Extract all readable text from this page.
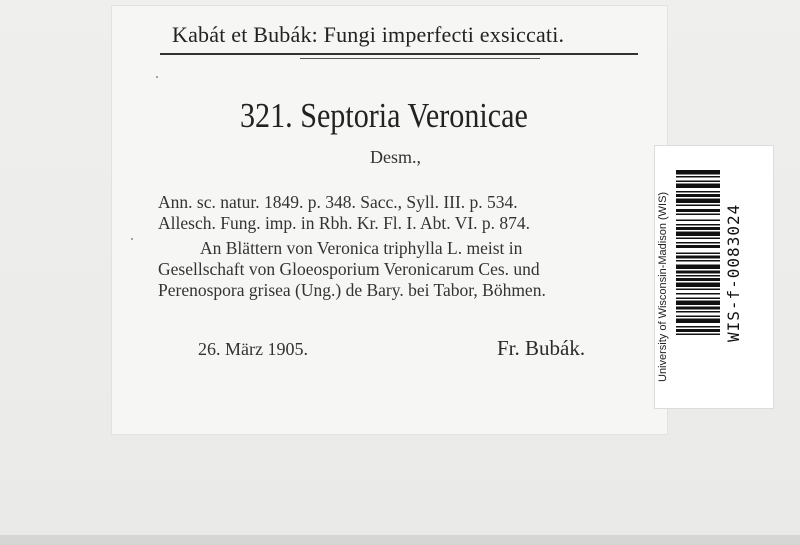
Kabát et Bubák: Fungi imperfecti exsiccati.
321. Septoria Veronicae
Desm.,
Ann. sc. natur. 1849. p. 348. Sacc., Syll. III. p. 534.
Allesch. Fung. imp. in Rbh. Kr. Fl. I. Abt. VI. p. 874.
An Blättern von Veronica triphylla L. meist in
Gesellschaft von Gloeosporium Veronicarum Ces. und
Perenospora grisea (Ung.) de Bary. bei Tabor, Böhmen.
26. März 1905.	Fr. Bubák.	University of Wisconsin-Madison (WIS)	WIS-f-0083024
